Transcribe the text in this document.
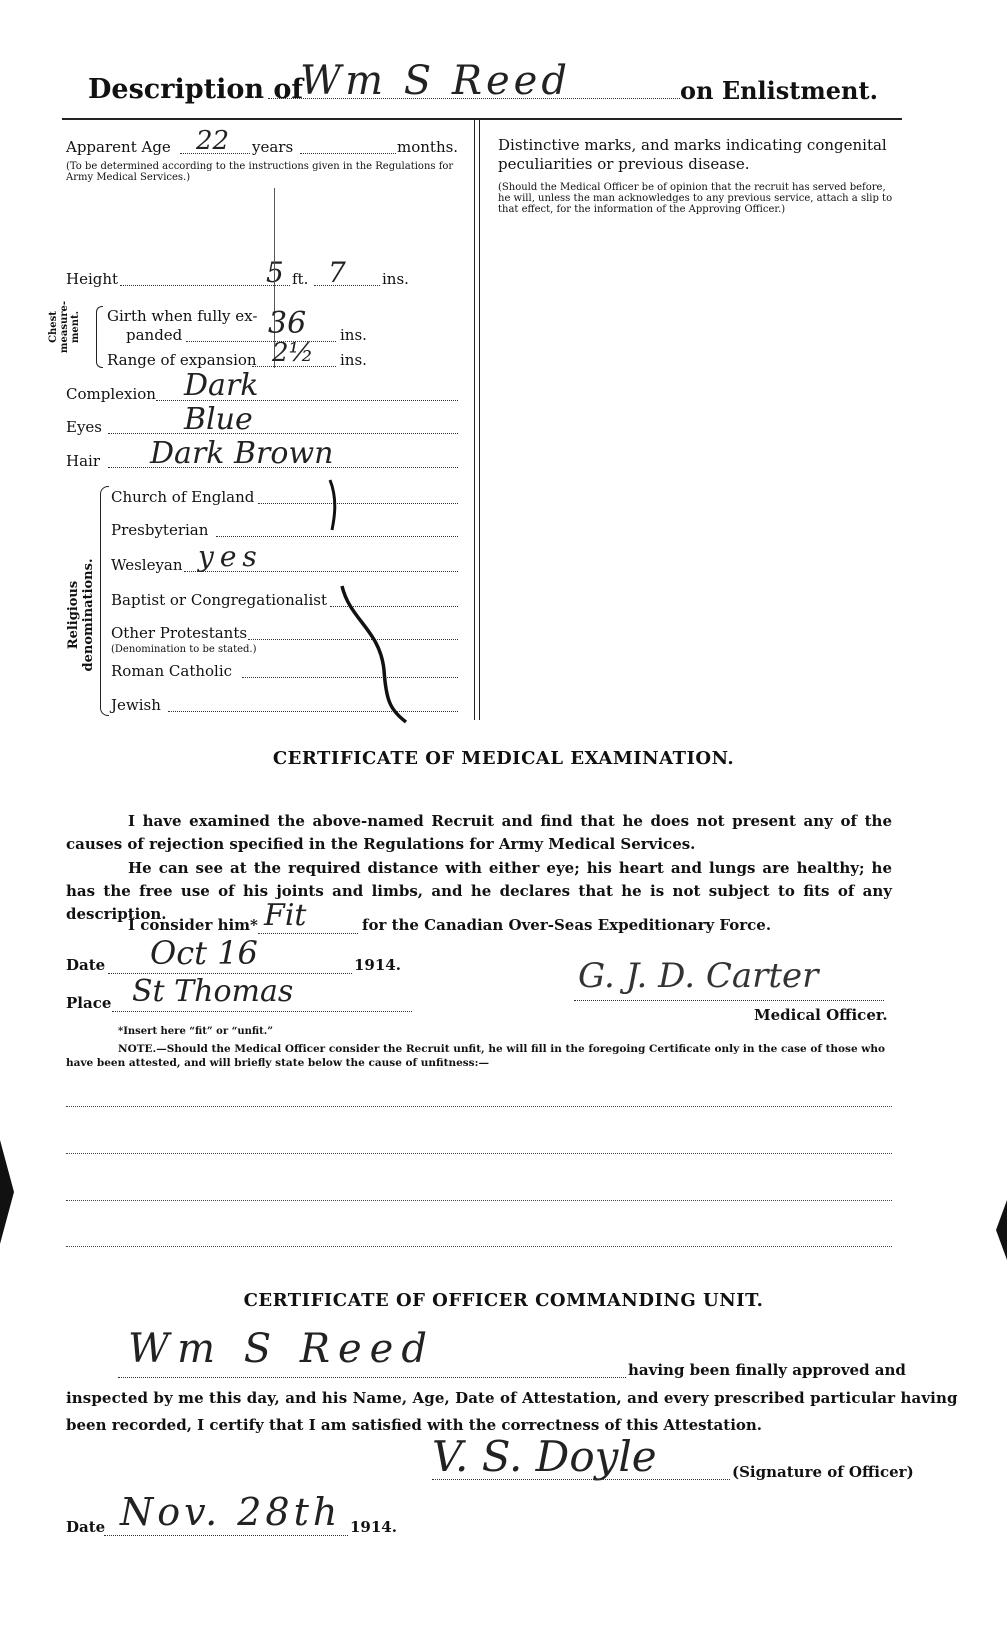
Description of
Wm S Reed	on Enlistment.
Apparent Age 22 years	months.
(To be determined according to the instructions given in the Regulations for Army Medical Services.)
Height	5 ft. 7 ins.
Chest measure-ment. Girth when fully ex-
panded	36 ins.
Range of expansion 2½ ins.
Complexion Dark
Eyes	Blue
Hair Dark Brown
Religious denominations.
Church of England
Presbyterian
Wesleyan yes
Baptist or Congregationalist
Other Protestants
(Denomination to be stated.)
Roman Catholic
Jewish
Distinctive marks, and marks indicating congenital peculiarities or previous disease.
(Should the Medical Officer be of opinion that the recruit has served before, he will, unless the man acknowledges to any previous service, attach a slip to that effect, for the information of the Approving Officer.)
CERTIFICATE OF MEDICAL EXAMINATION.
I have examined the above-named Recruit and find that he does not present any of the causes of rejection specified in the Regulations for Army Medical Services.
He can see at the required distance with either eye; his heart and lungs are healthy; he has the free use of his joints and limbs, and he declares that he is not subject to fits of any description.
I consider him* Fit	for the Canadian Over-Seas Expeditionary Force.
Date Oct 16	1914.
Place St Thomas	G. J. D. Carter
Medical Officer.
*Insert here “fit” or “unfit.”
NOTE.—Should the Medical Officer consider the Recruit unfit, he will fill in the foregoing Certificate only in the case of those who have been attested, and will briefly state below the cause of unfitness:—
CERTIFICATE OF OFFICER COMMANDING UNIT.
Wm S Reed	having been finally approved and
inspected by me this day, and his Name, Age, Date of Attestation, and every prescribed particular having
been recorded, I certify that I am satisfied with the correctness of this Attestation.
V. S. Doyle	(Signature of Officer)
Date Nov. 28th 1914.
